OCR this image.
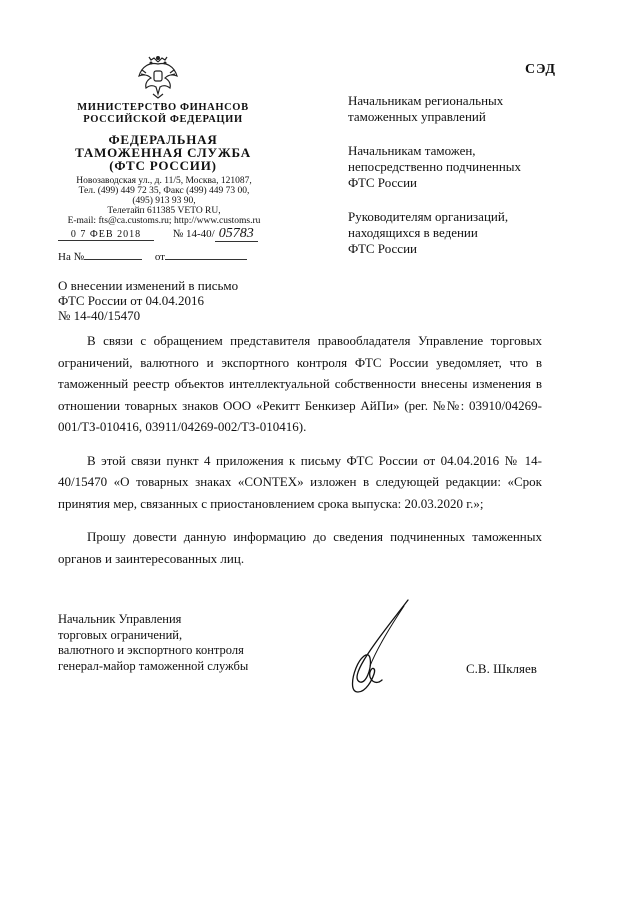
СЭД
МИНИСТЕРСТВО ФИНАНСОВ
РОССИЙСКОЙ ФЕДЕРАЦИИ
ФЕДЕРАЛЬНАЯ
ТАМОЖЕННАЯ СЛУЖБА
(ФТС РОССИИ)
Новозаводская ул., д. 11/5, Москва, 121087,
Тел. (499) 449 72 35, Факс (499) 449 73 00,
(495) 913 93 90,
Телетайп 611385 VETO RU,
E-mail: fts@ca.customs.ru; http://www.customs.ru
0 7 ФЕВ 2018	№ 14-40/ 05783
На №	от
Начальникам региональных
таможенных управлений
Начальникам таможен,
непосредственно подчиненных
ФТС России
Руководителям организаций,
находящихся в ведении
ФТС России
О внесении изменений в письмо
ФТС России от 04.04.2016
№ 14-40/15470

В связи с обращением представителя правообладателя Управление торговых ограничений, валютного и экспортного контроля ФТС России уведомляет, что в таможенный реестр объектов интеллектуальной собственности внесены изменения в отношении товарных знаков ООО «Рекитт Бенкизер АйПи» (рег. №№: 03910/04269-001/ТЗ-010416, 03911/04269-002/ТЗ-010416).

В этой связи пункт 4 приложения к письму ФТС России от 04.04.2016 № 14-40/15470 «О товарных знаках «CONTEX» изложен в следующей редакции: «Срок принятия мер, связанных с приостановлением срока выпуска: 20.03.2020 г.»;

Прошу довести данную информацию до сведения подчиненных таможенных органов и заинтересованных лиц.

Начальник Управления
торговых ограничений,
валютного и экспортного контроля
генерал-майор таможенной службы	С.В. Шкляев
